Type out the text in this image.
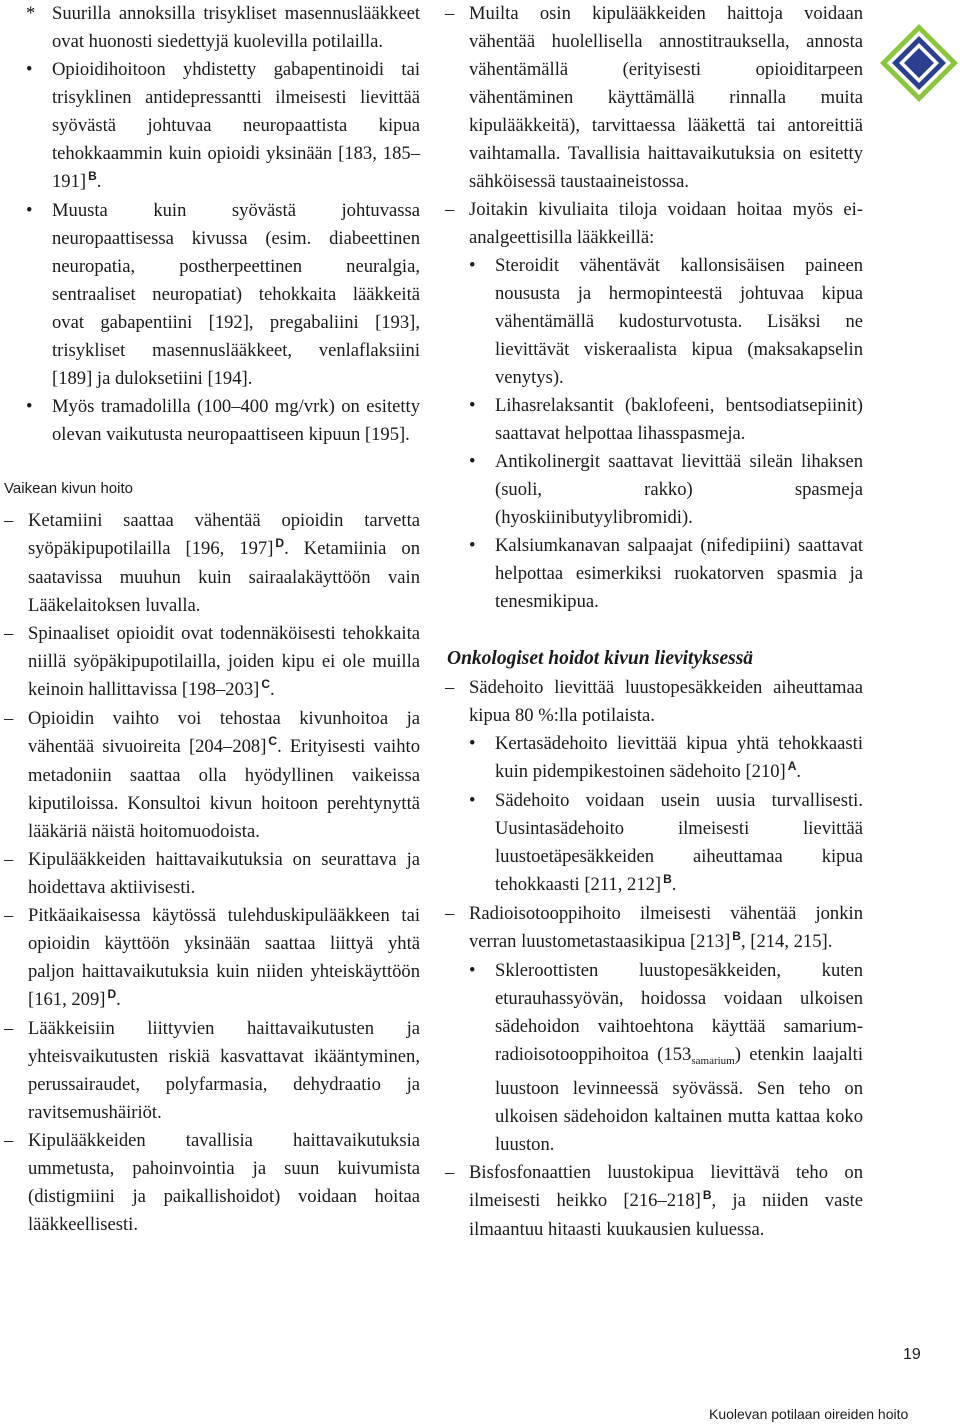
* Suurilla annoksilla trisykliset masennuslääkkeet ovat huonosti siedettyjä kuolevilla potilailla.
• Opioidihoitoon yhdistetty gabapentinoidi tai trisyklinen antidepressantti ilmeisesti lievittää syövästä johtuvaa neuropaattista kipua tehokkaammin kuin opioidi yksinään [183, 185–191] $^B$.
• Muusta kuin syövästä johtuvassa neuropaattisessa kivussa (esim. diabeettinen neuropatia, postherpeettinen neuralgia, sentraaliset neuropatiat) tehokkaita lääkkeitä ovat gabapentiini [192], pregabaliini [193], trisykliset masennuslääkkeet, venlaflaksiini [189] ja duloksetiini [194].
• Myös tramadolilla (100–400 mg/vrk) on esitetty olevan vaikutusta neuropaattiseen kipuun [195].
Vaikean kivun hoito
– Ketamiini saattaa vähentää opioidin tarvetta syöpäkipupotilailla [196, 197] $^D$. Ketamiinia on saatavissa muuhun kuin sairaalakäyttöön vain Lääkelaitoksen luvalla.
– Spinaaliset opioidit ovat todennäköisesti tehokkaita niillä syöpäkipupotilailla, joiden kipu ei ole muilla keinoin hallittavissa [198–203] $^C$.
– Opioidin vaihto voi tehostaa kivunhoitoa ja vähentää sivuoireita [204–208] $^C$. Erityisesti vaihto metadoniin saattaa olla hyödyllinen vaikeissa kiputiloissa. Konsultoi kivun hoitoon perehtynyttä lääkäriä näistä hoitomuodoista.
– Kipulääkkeiden haittavaikutuksia on seurattava ja hoidettava aktiivisesti.
– Pitkäaikaisessa käytössä tulehduskipulääkkeen tai opioidin käyttöön yksinään saattaa liittyä yhtä paljon haittavaikutuksia kuin niiden yhteiskäyttöön [161, 209] $^D$.
– Lääkkeisiin liittyvien haittavaikutusten ja yhteisvaikutusten riskiä kasvattavat ikääntyminen, perussairaudet, polyfarmasia, dehydraatio ja ravitsemushäiriöt.
– Kipulääkkeiden tavallisia haittavaikutuksia ummetusta, pahoinvointia ja suun kuivumista (distigmiini ja paikallishoidot) voidaan hoitaa lääkkeellisesti.
– Muilta osin kipulääkkeiden haittoja voidaan vähentää huolellisella annostitrauksella, annosta vähentämällä (erityisesti opioiditarpeen vähentäminen käyttämällä rinnalla muita kipulääkkeitä), tarvittaessa lääkettä tai antoreittiä vaihtamalla. Tavallisia haittavaikutuksia on esitetty sähköisessä taustaaineistossa.
– Joitakin kivuliaita tiloja voidaan hoitaa myös ei-analgeettisilla lääkkeillä:
• Steroidit vähentävät kallonsisäisen paineen nousustа ja hermopinteestä johtuvaa kipua vähentämällä kudosturvotusta. Lisäksi ne lievittävät viskeraalista kipua (maksakapselin venytys).
• Lihasrelaksantit (baklofeeni, bentsodiatsepiinit) saattavat helpottaa lihasspasmeja.
• Antikolinergit saattavat lievittää sileän lihaksen (suoli, rakko) spasmeja (hyoskiinibutyylibromidi).
• Kalsiumkanavan salpaajat (nifedipiini) saattavat helpottaa esimerkiksi ruokatorven spasmia ja tenesmikipua.
Onkologiset hoidot kivun lievityksessä
– Sädehoito lievittää luustopesäkkeiden aiheuttamaa kipua 80 %:lla potilaista.
• Kertasädehoito lievittää kipua yhtä tehokkaasti kuin pidempikestoinen sädehoito [210] $^A$.
• Sädehoito voidaan usein uusia turvallisesti. Uusintasädehoito ilmeisesti lievittää luustoetäpesäkkeiden aiheuttamaa kipua tehokkaasti [211, 212] $^B$.
– Radioisotooppihoito ilmeisesti vähentää jonkin verran luustometastaasikipua [213] $^B$, [214, 215].
• Skleroottisten luustopesäkkeiden, kuten eturauhassyövän, hoidossa voidaan ulkoisen sädehoidon vaihtoehtona käyttää samarium-radioisotooppihoitoa $(153_{samarium})$ etenkin laajalti luustoon levinneessä syövässä. Sen teho on ulkoisen sädehoidon kaltainen mutta kattaa koko luuston.
– Bisfosfonaattien luustokipua lievittävä teho on ilmeisesti heikko [216–218] $^B$, ja niiden vaste ilmaantuu hitaasti kuukausien kuluessa.
19
Kuolevan potilaan oireiden hoito
